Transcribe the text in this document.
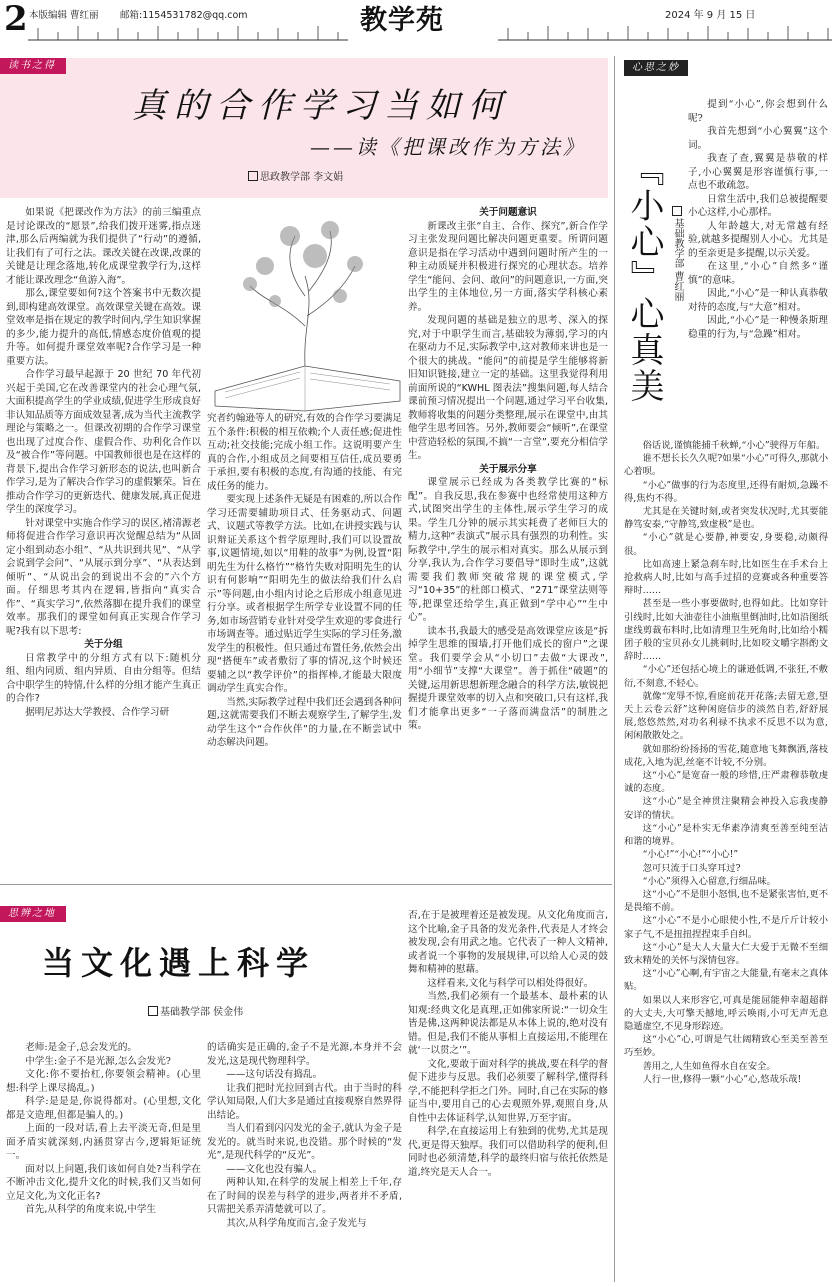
2 本版编辑 曹红丽 邮箱:1154531782@qq.com	教学苑	2024 年 9 月 15 日
读书之得
真的合作学习当如何
——读《把课改作为方法》
思政教学部 李文娟

如果说《把课改作为方法》的前三编重点是讨论课改的“愿景”,给我们拨开迷雾,指点迷津,那么后两编就为我们提供了“行动”的遵循,让我们有了可行之法。课改关键在改课,改课的关键是让理念落地,转化成课堂教学行为,这样才能让课改理念“鱼游入海”。

那么,课堂要如何?这个答案书中无数次提到,即构建高效课堂。高效课堂关键在高效。课堂效率是指在规定的教学时间内,学生知识掌握的多少,能力提升的高低,情感态度价值观的提升等。如何提升课堂效率呢?合作学习是一种重要方法。

合作学习最早起源于 20 世纪 70 年代初兴起于美国,它在改善课堂内的社会心理气氛,大面积提高学生的学业成绩,促进学生形成良好非认知品质等方面成效显著,成为当代主流教学理论与策略之一。但课改初期的合作学习课堂也出现了过度合作、虚假合作、功利化合作以及“被合作”等问题。中国教师很也是在这样的背景下,提出合作学习新形态的说法,也叫新合作学习,是为了解决合作学习的虚假繁荣。旨在推动合作学习的更新迭代、健康发展,真正促进学生的深度学习。

针对课堂中实施合作学习的误区,褚清源老师将促进合作学习意识再次觉醒总结为“从固定小组到动态小组”、“从共识到共见”、“从学会说到学会问”、“从展示到分享”、“从表达到倾听”、“从说出会的到说出不会的”六个方面。仔细思考其内在逻辑,皆指向“真实合作”、“真实学习”,依然落脚在提升我们的课堂效率。那我们的课堂如何真正实现合作学习呢?我有以下思考:

关于分组

日常教学中的分组方式有以下:随机分组、组内同质、组内异质、自由分组等。但结合中职学生的特情,什么样的分组才能产生真正的合作?

据明尼苏达大学教授、合作学习研

究者约翰逊等人的研究,有效的合作学习要满足五个条件:积极的相互依赖;个人责任感;促进性互动;社交技能;完成小组工作。这说明要产生真的合作,小组成员之间要相互信任,成员要勇于承担,要有积极的态度,有沟通的技能、有完成任务的能力。

要实现上述条件无疑是有困难的,所以合作学习还需要辅助项目式、任务驱动式、问题式、议题式等教学方法。比如,在讲授实践与认识辩证关系这个哲学原理时,我们可以设置故事,议题情境,如以“用鞋的故事”为例,设置“阳明先生为什么格竹”“格竹失败对阳明先生的认识有何影响”“阳明先生的做法给我们什么启示”等问题,由小组内讨论之后形成小组意见进行分享。或者根据学生所学专业设置不同的任务,如市场营销专业针对受学生欢迎的零食进行市场调查等。通过贴近学生实际的学习任务,激发学生的积极性。但只通过布置任务,依然会出现“搭便车”或者敷衍了事的情况,这个时候还要辅之以“教学评价”的指挥棒,才能最大限度调动学生真实合作。

当然,实际教学过程中我们还会遇到各种问题,这就需要我们不断去观察学生,了解学生,发动学生这个“合作伙伴”的力量,在不断尝试中动态解决问题。

关于问题意识

新课改主张“自主、合作、探究”,新合作学习主张发现问题比解决问题更重要。所谓问题意识是指在学习活动中遇到问题时所产生的一种主动质疑并积极进行探究的心理状态。培养学生“能问、会问、敢问”的问题意识,一方面,突出学生的主体地位,另一方面,落实学科核心素养。

发现问题的基础是独立的思考、深入的探究,对于中职学生而言,基础较为薄弱,学习的内在驱动力不足,实际教学中,这对教师来讲也是一个很大的挑战。“能问”的前提是学生能够将新旧知识链接,建立一定的基础。这里我觉得利用前面所说的“KWHL 图表法”搜集问题,每人结合课前预习情况提出一个问题,通过学习平台收集,教师将收集的问题分类整理,展示在课堂中,由其他学生思考回答。另外,教师要会“倾听”,在课堂中营造轻松的氛围,不搞“一言堂”,要充分相信学生。

关于展示分享

课堂展示已经成为各类教学比赛的“标配”。自我反思,我在参赛中也经常使用这种方式,试图突出学生的主体性,展示学生学习的成果。学生几分钟的展示其实耗费了老师巨大的精力,这种“表演式”展示具有强烈的功利性。实际教学中,学生的展示相对真实。那么从展示到分享,我认为,合作学习要倡导“即时生成”,这就需要我们教师突破常规的课堂模式,学习“10+35”的杜郎口模式、“271”课堂法则等等,把课堂还给学生,真正做到“学中心”“生中心”。

读本书,我最大的感受是高效课堂应该是“拆掉学生思维的围墙,打开他们成长的窗户”之课堂。我们要学会从“小切口”去做“大课改”,用“小细节”支撑“大课堂”。善于抓住“破题”的关键,运用新思想新理念融合的科学方法,敏锐把握提升课堂效率的切入点和突破口,只有这样,我们才能拿出更多“一子落而满盘活”的制胜之策。

思辨之地
当文化遇上科学
基础教学部 侯金伟

老师:是金子,总会发光的。

中学生:金子不是光源,怎么会发光?

文化:你不要抬杠,你要领会精神。(心里想:科学上课尽捣乱。)

科学:是是是,你说得都对。(心里想,文化都是文造理,但都是骗人的。)

上面的一段对话,看上去平淡无奇,但是里面矛盾实就深刻,内涵贯穿古今,逻辑矩证统一。

面对以上问题,我们该如何自处?当科学在不断冲击文化,提升文化的时候,我们又当如何立足文化,为文化正名?

首先,从科学的角度来说,中学生

的话确实是正确的,金子不是光源,本身并不会发光,这是现代物理科学。

——这句话没有捣乱。

让我们把时光拉回到古代。由于当时的科学认知局限,人们大多是通过直接观察自然界得出结论。

当人们看到闪闪发光的金子,就认为金子是发光的。就当时来说,也没错。那个时候的“发光”,是现代科学的“反光”。

——文化也没有骗人。

两种认知,在科学的发展上相差上千年,存在了时间的误差与科学的进步,两者并不矛盾,只需把关系弄清楚就可以了。

其次,从科学角度而言,金子发光与

否,在于是被理着还是被发现。从文化角度而言,这个比喻,金子具备的发光条件,代表是人才终会被发现,会有用武之地。它代表了一种人文精神,或者说一个事物的发展规律,可以给人心灵的鼓舞和精神的慰藉。

这样看来,文化与科学可以相处得很好。

当然,我们必须有一个最基本、最朴素的认知观:经典文化是真理,正如佛家所说:“一切众生皆是佛,这两种说法都是从本体上说的,绝对没有错。但是,我们不能从事相上直接运用,不能理在就‘一以贯之’”。

文化,要敢于面对科学的挑战,要在科学的督促下进步与反思。我们必须要了解科学,懂得科学,不能把科学拒之门外。同时,自己在实际的修证当中,要用自己的心去观照外界,观照自身,从自性中去体证科学,认知世界,万至宇宙。

科学,在直接运用上有独到的优势,尤其是现代,更是得天独厚。我们可以借助科学的便利,但同时也必须清楚,科学的最终归宿与依托依然是道,终究是天人合一。

心思之妙
『小心』心真美 基础教学部 曹红丽

提到“小心”,你会想到什么呢?

我首先想到“小心翼翼”这个词。

我查了查,翼翼是恭敬的样子,小心翼翼是形容谨慎行事,一点也不敢疏忽。

日常生活中,我们总被提醒要小心这样,小心那样。

人年龄越大,对无常越有经验,就越多提醒别人小心。尤其是的至亲更是多提醒,以示关爱。

在这里,“小心”自然多“谨慎”的意味。

因此,“小心”是一种认真恭敬对待的态度,与“大意”相对。

因此,“小心”是一种慢条斯理稳重的行为,与“急躁”相对。

俗话说,谨慎能捕千秋蝉,“小心”驶得万年船。

谁不想长长久久呢?如果“小心”可得久,那就小心着呗。

“小心”做事的行为态度里,还得有耐烦,急躁不得,焦灼不得。

尤其是在关键时刻,或者突发状况时,尤其要能静笃安泰,“守静笃,致虚极”是也。

“小心”就是心要静,神要安,身要稳,动颇得很。

比如高速上紧急刹车时,比如医生在手术台上抢救病人时,比如与高手过招的竞赛或各种重要答辩时……

甚至是一些小事要做时,也得如此。比如穿针引线时,比如大油壶往小油瓶里倒油时,比如沿图纸虚线剪裁布料时,比如清理卫生死角时,比如给小糯团子般的宝贝孙女儿挑刺时,比如咬文嚼字斟酌文辞时……

“小心”还包括心境上的谦逊低调,不张狂,不敷衍,不刻意,不轻心。

就像“宠辱不惊,看庭前花开花落;去留无意,望天上云卷云舒”这种闲庭信步的淡然自若,舒舒展展,悠悠然然,对功名利禄不执求不反思不以为意,闲闲散散处之。

就如那纷纷扬扬的雪花,随意地飞舞飘洒,落枝成花,入地为泥,丝毫不计较,不分别。

这“小心”是宽奋一般的珍惜,庄严肃穆恭敬虔诚的态度。

这“小心”是全神贯注聚精会神投入忘我虔静安详的情状。

这“小心”是朴实无华素净清爽至善至纯至洁和谐的境界。

“小心!”“小心!”“小心!”

忽可只流于口头穿耳过?

“小心”须得入心留意,行细品味。

这“小心”不是胆小怒惧,也不是紧张害怕,更不是畏缩不前。

这“小心”不是小心眼使小性,不是斤斤计较小家子气,不是扭扭捏捏束手自纠。

这“小心”是大人大量大仁大爱于无微不至细致末精处的关怀与深情包容。

这“小心”心啊,有宇宙之大能量,有毫末之真体贴。

如果以人来形容它,可真是能屈能伸幸超超群的大丈夫,大可擎天撼地,呼云唤雨,小可无声无息隐遁虚空,不见身形踪迹。

这“小心”心,可谓是气壮阔精致心至美至善至巧至妙。

善用之,人生如鱼得水自在安全。

人行一世,修得一颗“小心”心,悠哉乐哉!
